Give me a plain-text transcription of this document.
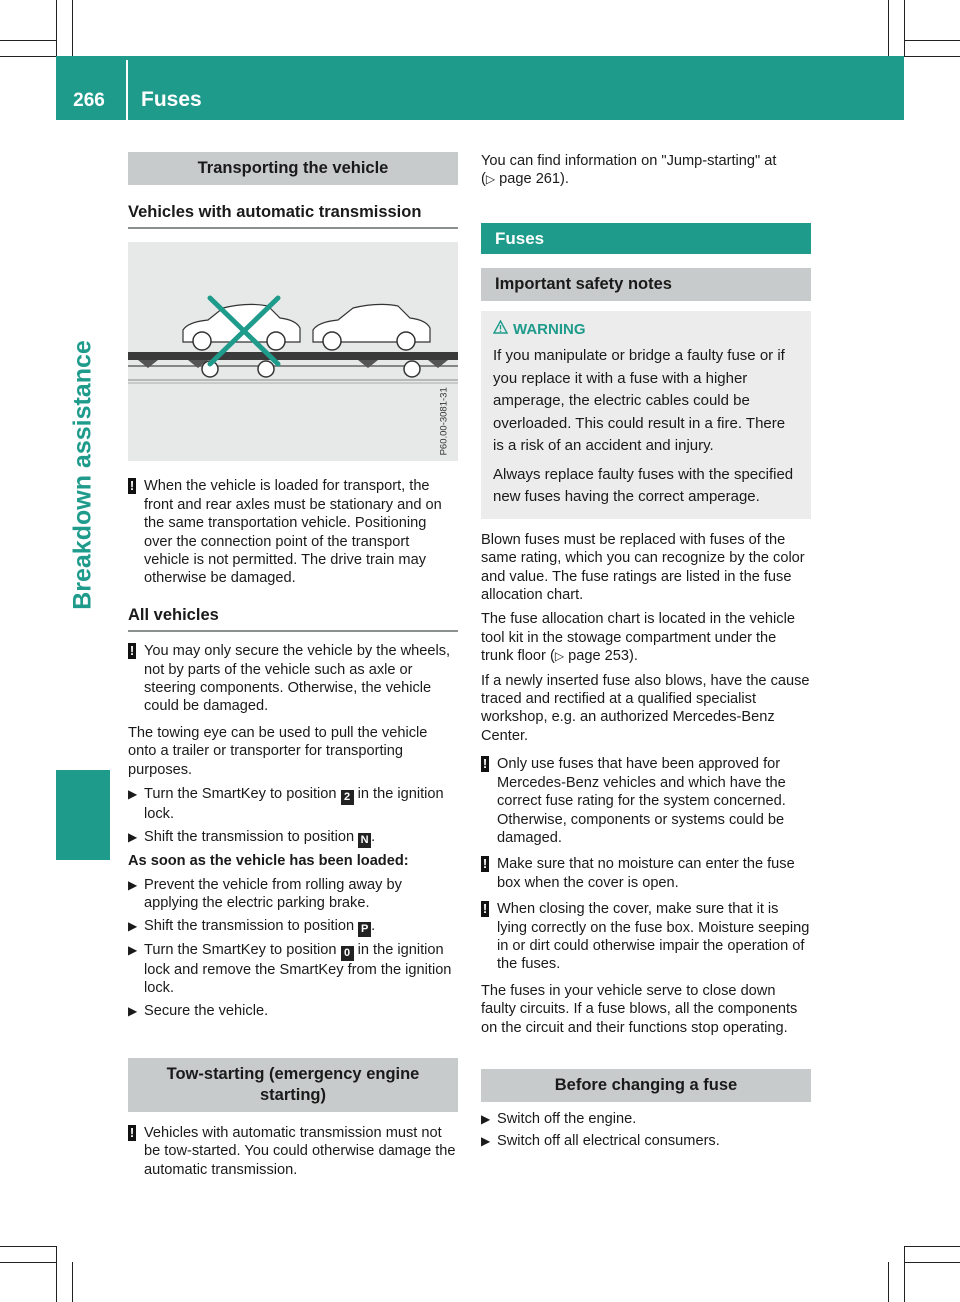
266	Fuses
Breakdown assistance
Transporting the vehicle
Vehicles with automatic transmission
P60.00-3081-31
! When the vehicle is loaded for transport, the front and rear axles must be stationary and on the same transportation vehicle. Positioning over the connection point of the transport vehicle is not permitted. The drive train may otherwise be damaged.
All vehicles
! You may only secure the vehicle by the wheels, not by parts of the vehicle such as axle or steering components. Otherwise, the vehicle could be damaged.

The towing eye can be used to pull the vehicle onto a trailer or transporter for transporting purposes.

▶ Turn the SmartKey to position 2 in the ignition lock.
▶ Shift the transmission to position N .

As soon as the vehicle has been loaded:

▶ Prevent the vehicle from rolling away by applying the electric parking brake.
▶ Shift the transmission to position P .
▶ Turn the SmartKey to position 0 in the ignition lock and remove the SmartKey from the ignition lock.
▶ Secure the vehicle.
Tow-starting (emergency engine starting)
! Vehicles with automatic transmission must not be tow-started. You could otherwise damage the automatic transmission.

You can find information on "Jump-starting" at (▷ page 261).

Fuses
Important safety notes
WARNING

If you manipulate or bridge a faulty fuse or if you replace it with a fuse with a higher amperage, the electric cables could be overloaded. This could result in a fire. There is a risk of an accident and injury.

Always replace faulty fuses with the specified new fuses having the correct amperage.

Blown fuses must be replaced with fuses of the same rating, which you can recognize by the color and value. The fuse ratings are listed in the fuse allocation chart.

The fuse allocation chart is located in the vehicle tool kit in the stowage compartment under the trunk floor (▷ page 253).

If a newly inserted fuse also blows, have the cause traced and rectified at a qualified specialist workshop, e.g. an authorized Mercedes-Benz Center.

! Only use fuses that have been approved for Mercedes-Benz vehicles and which have the correct fuse rating for the system concerned. Otherwise, components or systems could be damaged.
! Make sure that no moisture can enter the fuse box when the cover is open.
! When closing the cover, make sure that it is lying correctly on the fuse box. Moisture seeping in or dirt could otherwise impair the operation of the fuses.

The fuses in your vehicle serve to close down faulty circuits. If a fuse blows, all the components on the circuit and their functions stop operating.

Before changing a fuse
▶ Switch off the engine.
▶ Switch off all electrical consumers.
